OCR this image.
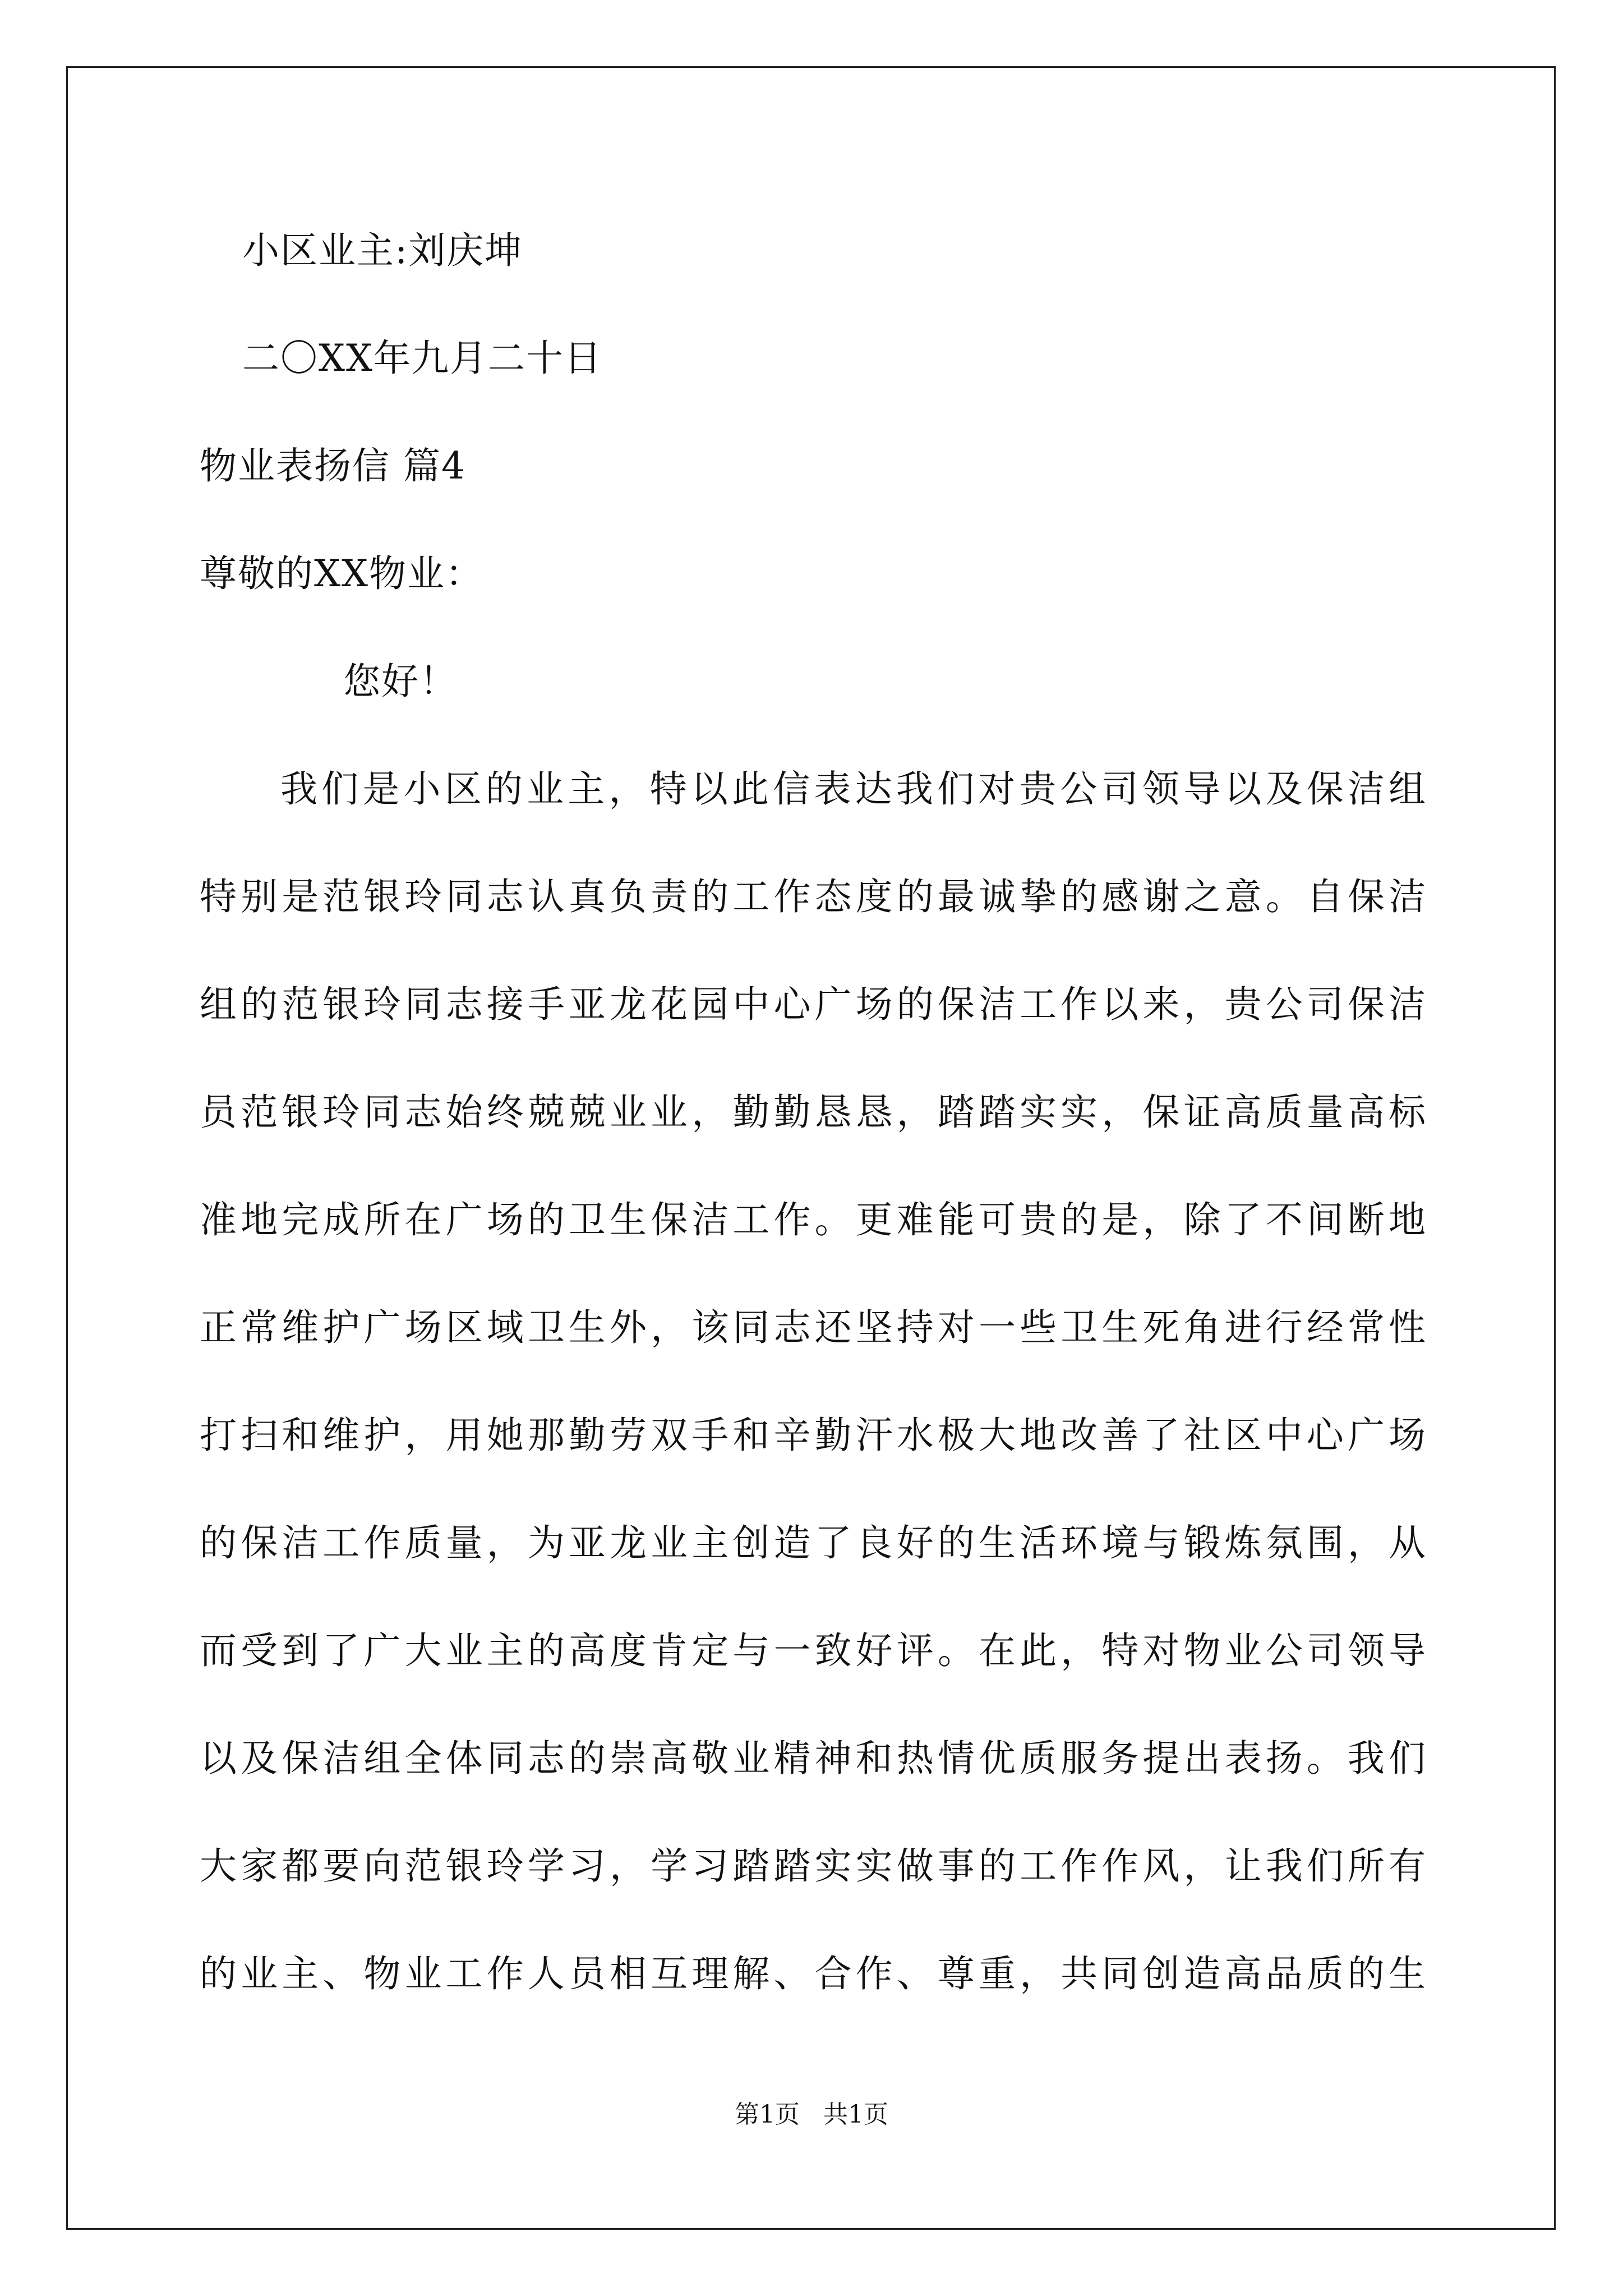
小区业主:刘庆坤
二〇XX年九月二十日
物业表扬信 篇4
尊敬的XX物业：
您好！
我们是小区的业主，特以此信表达我们对贵公司领导以及保洁组
特别是范银玲同志认真负责的工作态度的最诚挚的感谢之意。自保洁
组的范银玲同志接手亚龙花园中心广场的保洁工作以来，贵公司保洁
员范银玲同志始终兢兢业业，勤勤恳恳，踏踏实实，保证高质量高标
准地完成所在广场的卫生保洁工作。更难能可贵的是，除了不间断地
正常维护广场区域卫生外，该同志还坚持对一些卫生死角进行经常性
打扫和维护，用她那勤劳双手和辛勤汗水极大地改善了社区中心广场
的保洁工作质量，为亚龙业主创造了良好的生活环境与锻炼氛围，从
而受到了广大业主的高度肯定与一致好评。在此，特对物业公司领导
以及保洁组全体同志的崇高敬业精神和热情优质服务提出表扬。我们
大家都要向范银玲学习，学习踏踏实实做事的工作作风，让我们所有
的业主、物业工作人员相互理解、合作、尊重，共同创造高品质的生
第1页   共1页
